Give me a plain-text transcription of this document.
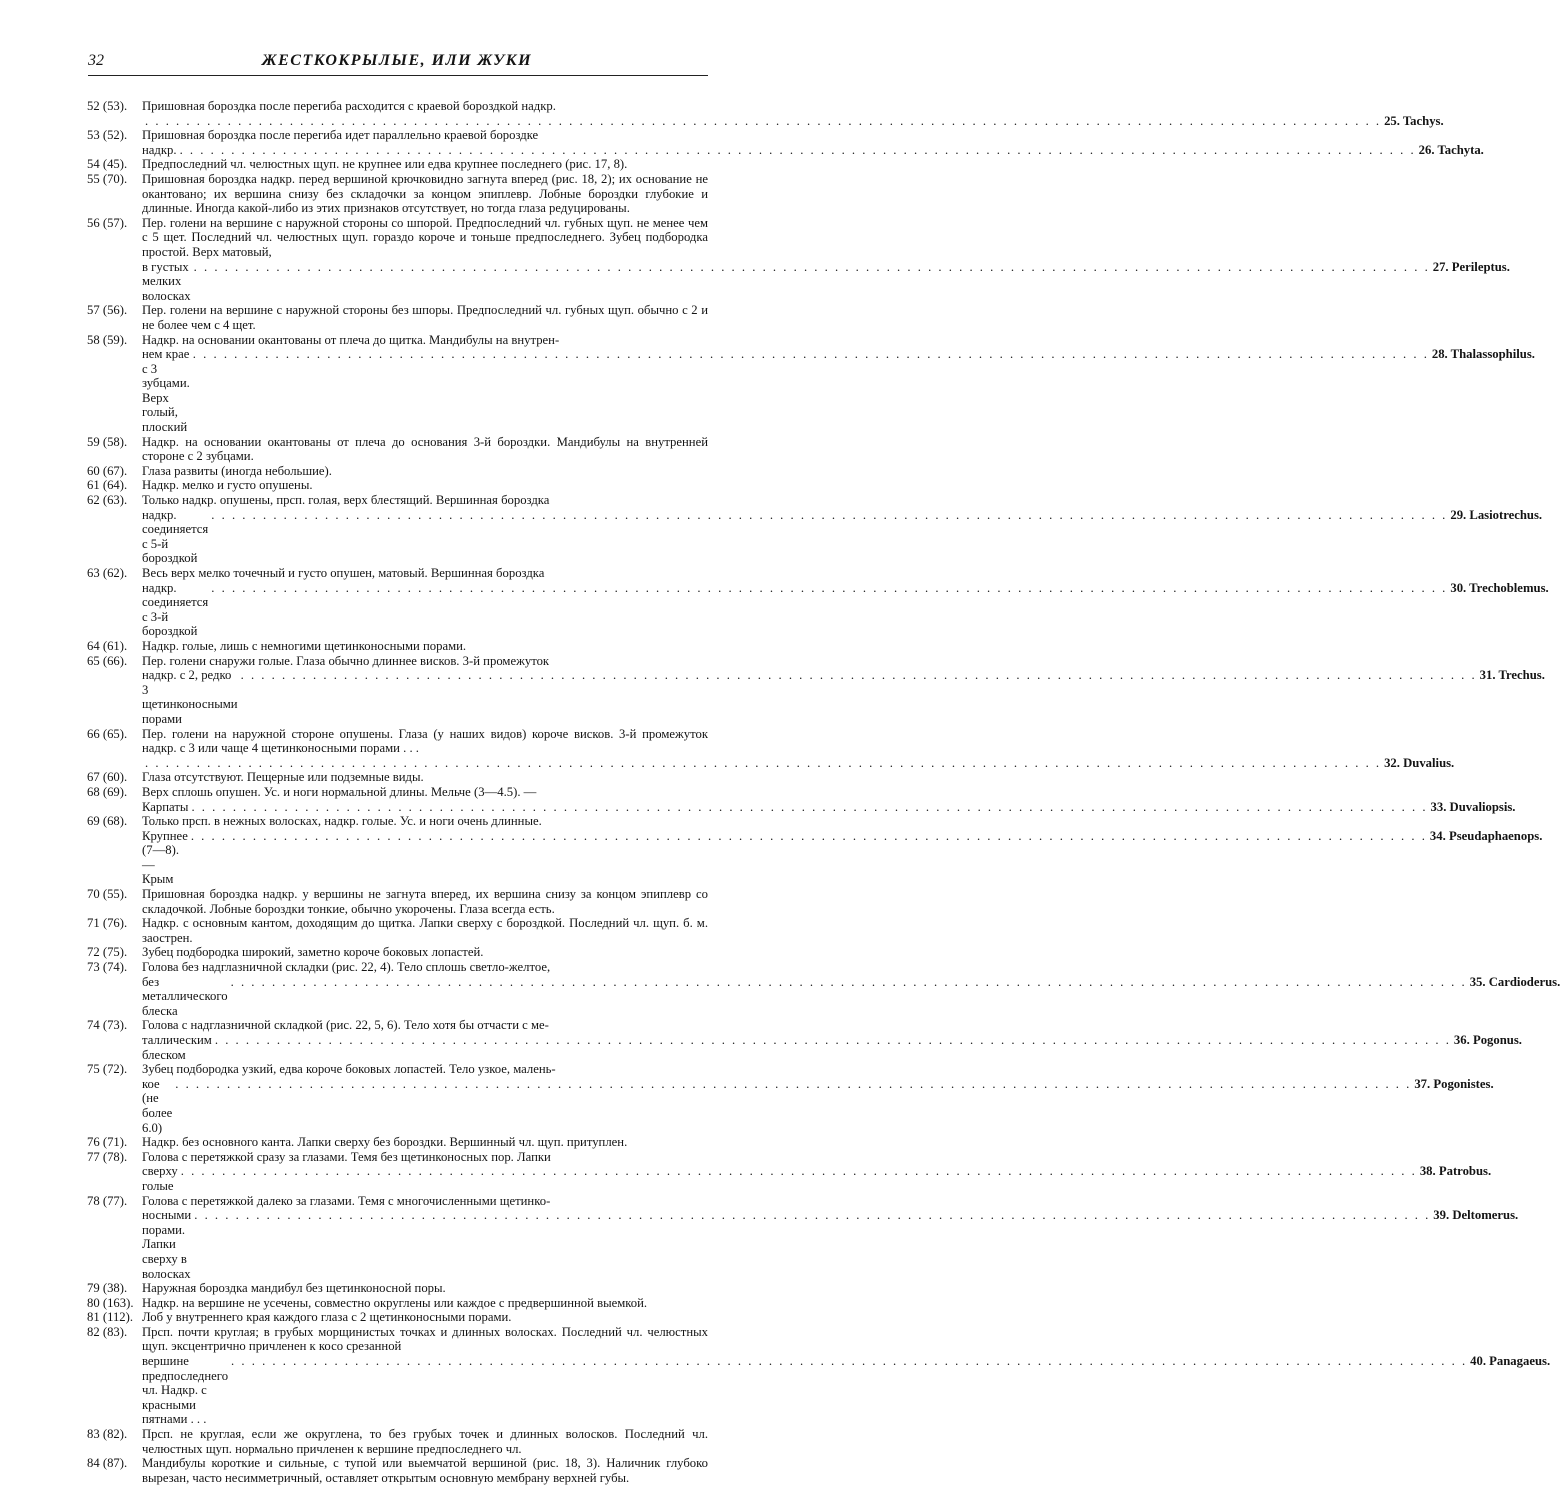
32	ЖЕСТКОКРЫЛЫЕ, ИЛИ ЖУКИ
52 (53).	Пришовная бороздка после перегиба расходится с краевой бороздкой надкр.
. . . . . . . . . . . . . . . . . . . . . . . . . . . . . . . . . . . . . . . . . . . . . . . . . . . . . . . . . . . . . . . . . . . . . . . . . . . . . . . . . . . . . . . . . . . . . . . . . . . . . . . . . . . . . . . . . . . . . . . . 25. Tachys.
53 (52).	Пришовная бороздка после перегиба идет параллельно краевой бороздке
надкр. . . . . . . . . . . . . . . . . . . . . . . . . . . . . . . . . . . . . . . . . . . . . . . . . . . . . . . . . . . . . . . . . . . . . . . . . . . . . . . . . . . . . . . . . . . . . . . . . . . . . . . . . . . . . . . . . . . . . . . . . 26. Tachyta.
54 (45).	Предпоследний чл. челюстных щуп. не крупнее или едва крупнее последнего (рис. 17, 8).
55 (70).	Пришовная бороздка надкр. перед вершиной крючковидно загнута вперед (рис. 18, 2); их основание не окантовано; их вершина снизу без складочки за концом эпиплевр. Лобные бороздки глубокие и длинные. Иногда какой-либо из этих признаков отсутствует, но тогда глаза редуцированы.
56 (57).	Пер. голени на вершине с наружной стороны со шпорой. Предпоследний чл. губных щуп. не менее чем с 5 щет. Последний чл. челюстных щуп. гораздо короче и тоньше предпоследнего. Зубец подбородка простой. Верх матовый,
в густых мелких волосках
. . . . . . . . . . . . . . . . . . . . . . . . . . . . . . . . . . . . . . . . . . . . . . . . . . . . . . . . . . . . . . . . . . . . . . . . . . . . . . . . . . . . . . . . . . . . . . . . . . . . . . . . . . . . . . . . . . . . . . . . 27. Perileptus.
57 (56).	Пер. голени на вершине с наружной стороны без шпоры. Предпоследний чл. губных щуп. обычно с 2 и не более чем с 4 щет.
58 (59).	Надкр. на основании окантованы от плеча до щитка. Мандибулы на внутрен-
нем крае с 3 зубцами. Верх голый, плоский
. . . . . . . . . . . . . . . . . . . . . . . . . . . . . . . . . . . . . . . . . . . . . . . . . . . . . . . . . . . . . . . . . . . . . . . . . . . . . . . . . . . . . . . . . . . . . . . . . . . . . . . . . . . . . . . . . . . . . . . . 28. Thalassophilus.
59 (58).	Надкр. на основании окантованы от плеча до основания 3-й бороздки. Мандибулы на внутренней стороне с 2 зубцами.
60 (67).	Глаза развиты (иногда небольшие).
61 (64).	Надкр. мелко и густо опушены.
62 (63).	Только надкр. опушены, прсп. голая, верх блестящий. Вершинная бороздка
надкр. соединяется с 5-й бороздкой
. . . . . . . . . . . . . . . . . . . . . . . . . . . . . . . . . . . . . . . . . . . . . . . . . . . . . . . . . . . . . . . . . . . . . . . . . . . . . . . . . . . . . . . . . . . . . . . . . . . . . . . . . . . . . . . . . . . . . . . . 29. Lasiotrechus.
63 (62).	Весь верх мелко точечный и густо опушен, матовый. Вершинная бороздка
надкр. соединяется с 3-й бороздкой
. . . . . . . . . . . . . . . . . . . . . . . . . . . . . . . . . . . . . . . . . . . . . . . . . . . . . . . . . . . . . . . . . . . . . . . . . . . . . . . . . . . . . . . . . . . . . . . . . . . . . . . . . . . . . . . . . . . . . . . . 30. Trechoblemus.
64 (61).	Надкр. голые, лишь с немногими щетинконосными порами.
65 (66).	Пер. голени снаружи голые. Глаза обычно длиннее висков. 3-й промежуток
надкр. с 2, редко 3 щетинконосными порами
. . . . . . . . . . . . . . . . . . . . . . . . . . . . . . . . . . . . . . . . . . . . . . . . . . . . . . . . . . . . . . . . . . . . . . . . . . . . . . . . . . . . . . . . . . . . . . . . . . . . . . . . . . . . . . . . . . . . . . . . 31. Trechus.
66 (65).	Пер. голени на наружной стороне опушены. Глаза (у наших видов) короче висков. 3-й промежуток надкр. с 3 или чаще 4 щетинконосными порами . . .
. . . . . . . . . . . . . . . . . . . . . . . . . . . . . . . . . . . . . . . . . . . . . . . . . . . . . . . . . . . . . . . . . . . . . . . . . . . . . . . . . . . . . . . . . . . . . . . . . . . . . . . . . . . . . . . . . . . . . . . . 32. Duvalius.
67 (60).	Глаза отсутствуют. Пещерные или подземные виды.
68 (69).	Верх сплошь опушен. Ус. и ноги нормальной длины. Мельче (3—4.5). —
Карпаты . . . . . . . . . . . . . . . . . . . . . . . . . . . . . . . . . . . . . . . . . . . . . . . . . . . . . . . . . . . . . . . . . . . . . . . . . . . . . . . . . . . . . . . . . . . . . . . . . . . . . . . . . . . . . . . . . . . . . . . . 33. Duvaliopsis.
69 (68).	Только прсп. в нежных волосках, надкр. голые. Ус. и ноги очень длинные.
Крупнее (7—8). — Крым
. . . . . . . . . . . . . . . . . . . . . . . . . . . . . . . . . . . . . . . . . . . . . . . . . . . . . . . . . . . . . . . . . . . . . . . . . . . . . . . . . . . . . . . . . . . . . . . . . . . . . . . . . . . . . . . . . . . . . . . . 34. Pseudaphaenops.
70 (55).	Пришовная бороздка надкр. у вершины не загнута вперед, их вершина снизу за концом эпиплевр со складочкой. Лобные бороздки тонкие, обычно укорочены. Глаза всегда есть.
71 (76).	Надкр. с основным кантом, доходящим до щитка. Лапки сверху с бороздкой. Последний чл. щуп. б. м. заострен.
72 (75).	Зубец подбородка широкий, заметно короче боковых лопастей.
73 (74).	Голова без надглазничной складки (рис. 22, 4). Тело сплошь светло-желтое,
без металлического блеска
. . . . . . . . . . . . . . . . . . . . . . . . . . . . . . . . . . . . . . . . . . . . . . . . . . . . . . . . . . . . . . . . . . . . . . . . . . . . . . . . . . . . . . . . . . . . . . . . . . . . . . . . . . . . . . . . . . . . . . . . 35. Cardioderus.
74 (73).	Голова с надглазничной складкой (рис. 22, 5, 6). Тело хотя бы отчасти с ме-
таллическим блеском
. . . . . . . . . . . . . . . . . . . . . . . . . . . . . . . . . . . . . . . . . . . . . . . . . . . . . . . . . . . . . . . . . . . . . . . . . . . . . . . . . . . . . . . . . . . . . . . . . . . . . . . . . . . . . . . . . . . . . . . . 36. Pogonus.
75 (72).	Зубец подбородка узкий, едва короче боковых лопастей. Тело узкое, малень-
кое (не более 6.0)
. . . . . . . . . . . . . . . . . . . . . . . . . . . . . . . . . . . . . . . . . . . . . . . . . . . . . . . . . . . . . . . . . . . . . . . . . . . . . . . . . . . . . . . . . . . . . . . . . . . . . . . . . . . . . . . . . . . . . . . . 37. Pogonistes.
76 (71).	Надкр. без основного канта. Лапки сверху без бороздки. Вершинный чл. щуп. притуплен.
77 (78).	Голова с перетяжкой сразу за глазами. Темя без щетинконосных пор. Лапки
сверху голые
. . . . . . . . . . . . . . . . . . . . . . . . . . . . . . . . . . . . . . . . . . . . . . . . . . . . . . . . . . . . . . . . . . . . . . . . . . . . . . . . . . . . . . . . . . . . . . . . . . . . . . . . . . . . . . . . . . . . . . . . 38. Patrobus.
78 (77).	Голова с перетяжкой далеко за глазами. Темя с многочисленными щетинко-
носными порами. Лапки сверху в волосках
. . . . . . . . . . . . . . . . . . . . . . . . . . . . . . . . . . . . . . . . . . . . . . . . . . . . . . . . . . . . . . . . . . . . . . . . . . . . . . . . . . . . . . . . . . . . . . . . . . . . . . . . . . . . . . . . . . . . . . . . 39. Deltomerus.
79 (38).	Наружная бороздка мандибул без щетинконосной поры.
80 (163). Надкр. на вершине не усечены, совместно округлены или каждое с предвершинной выемкой.
81 (112). Лоб у внутреннего края каждого глаза с 2 щетинконосными порами.
82 (83).	Прсп. почти круглая; в грубых морщинистых точках и длинных волосках. Последний чл. челюстных щуп. эксцентрично причленен к косо срезанной
вершине предпоследнего чл. Надкр. с красными пятнами . . .
. . . . . . . . . . . . . . . . . . . . . . . . . . . . . . . . . . . . . . . . . . . . . . . . . . . . . . . . . . . . . . . . . . . . . . . . . . . . . . . . . . . . . . . . . . . . . . . . . . . . . . . . . . . . . . . . . . . . . . . . 40. Panagaeus.
83 (82).	Прсп. не круглая, если же округлена, то без грубых точек и длинных волосков. Последний чл. челюстных щуп. нормально причленен к вершине предпоследнего чл.
84 (87).	Мандибулы короткие и сильные, с тупой или выемчатой вершиной (рис. 18, 3). Наличник глубоко вырезан, часто несимметричный, оставляет открытым основную мембрану верхней губы.
